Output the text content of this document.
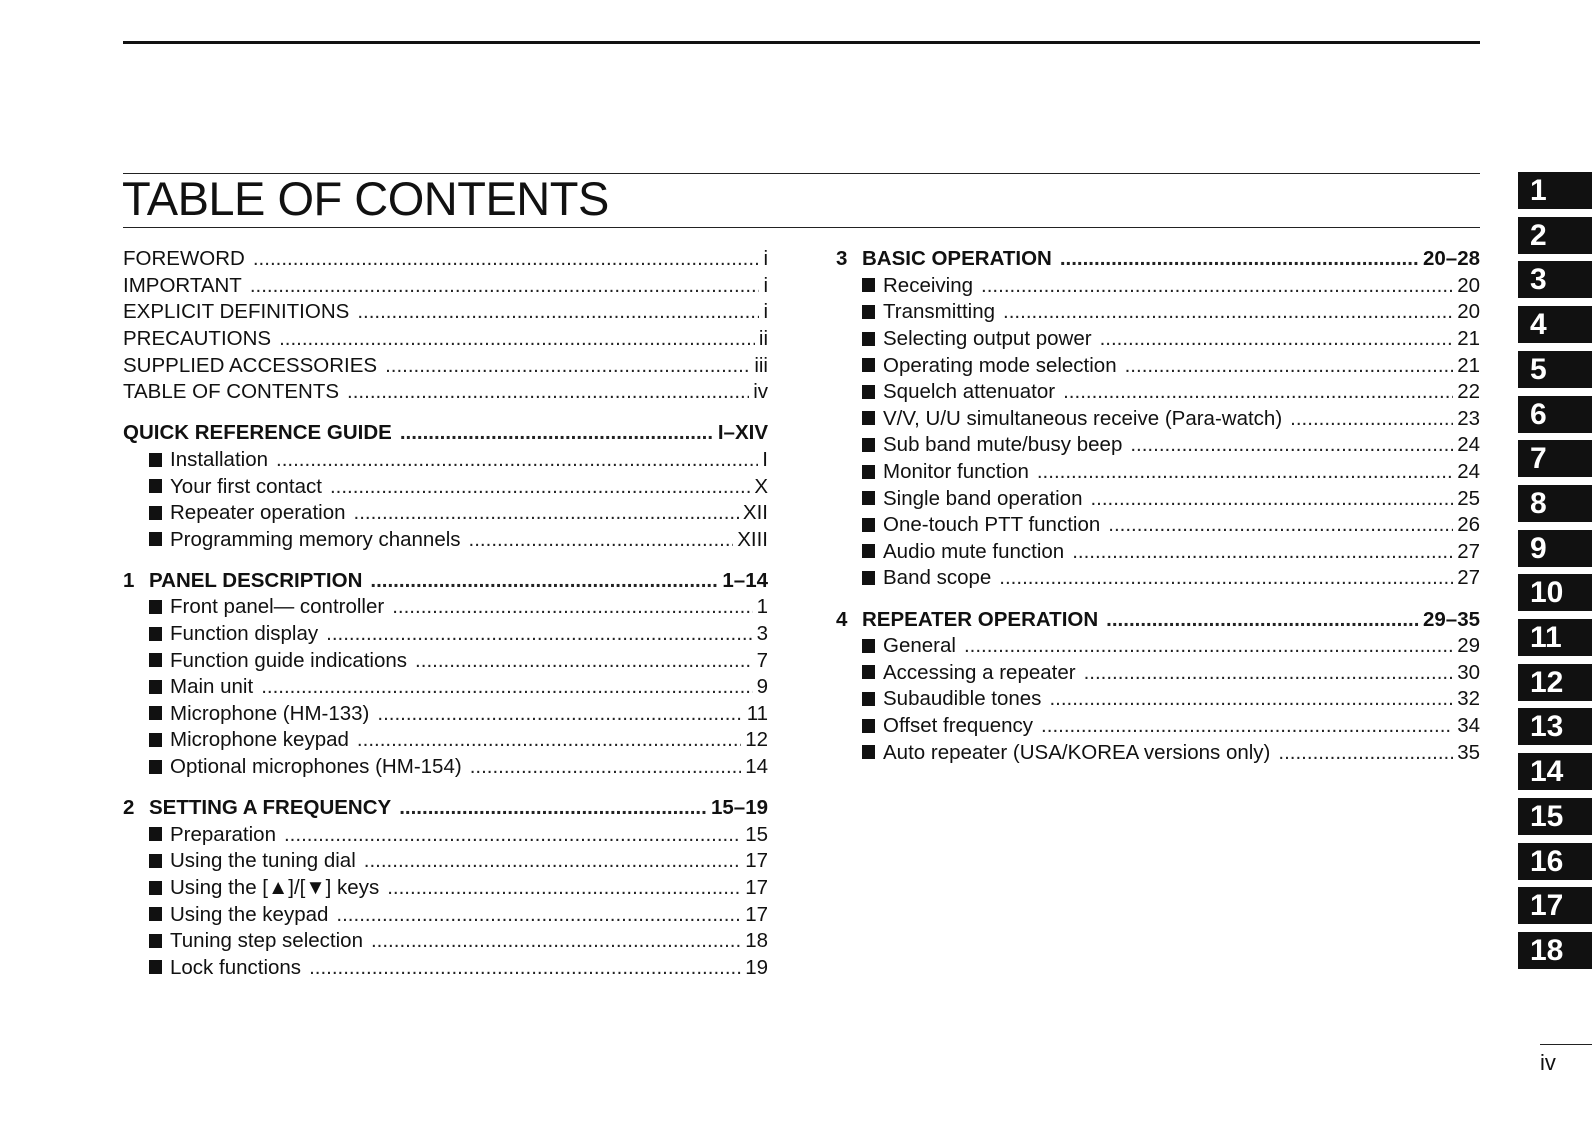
TABLE OF CONTENTS
FOREWORD .....	i
IMPORTANT .....	i
EXPLICIT DEFINITIONS .....	i
PRECAUTIONS .....	ii
SUPPLIED ACCESSORIES .....	iii
TABLE OF CONTENTS .....	iv
QUICK REFERENCE GUIDE .....	I–XIV
Installation .....	I
Your ﬁrst contact .....	X
Repeater operation .....	XII
Programming memory channels .....	XIII
1 PANEL DESCRIPTION .....	1–14
Front panel— controller .....	1
Function display .....	3
Function guide indications .....	7
Main unit .....	9
Microphone (HM-133) .....	11
Microphone keypad .....	12
Optional microphones (HM-154) .....	14
2 SETTING A FREQUENCY .....	15–19
Preparation .....	15
Using the tuning dial .....	17
Using the [▲]/[▼] keys .....	17
Using the keypad .....	17
Tuning step selection .....	18
Lock functions .....	19
3 BASIC OPERATION .....	20–28
Receiving .....	20
Transmitting .....	20
Selecting output power .....	21
Operating mode selection .....	21
Squelch attenuator .....	22
V/V, U/U simultaneous receive (Para-watch) .....	23
Sub band mute/busy beep .....	24
Monitor function .....	24
Single band operation .....	25
One-touch PTT function .....	26
Audio mute function .....	27
Band scope .....	27
4 REPEATER OPERATION .....	29–35
General .....	29
Accessing a repeater .....	30
Subaudible tones .....	32
Offset frequency .....	34
Auto repeater (USA/KOREA versions only) .....	35
1
2
3
4
5
6
7
8
9
10
11
12
13
14
15
16
17
18
iv
